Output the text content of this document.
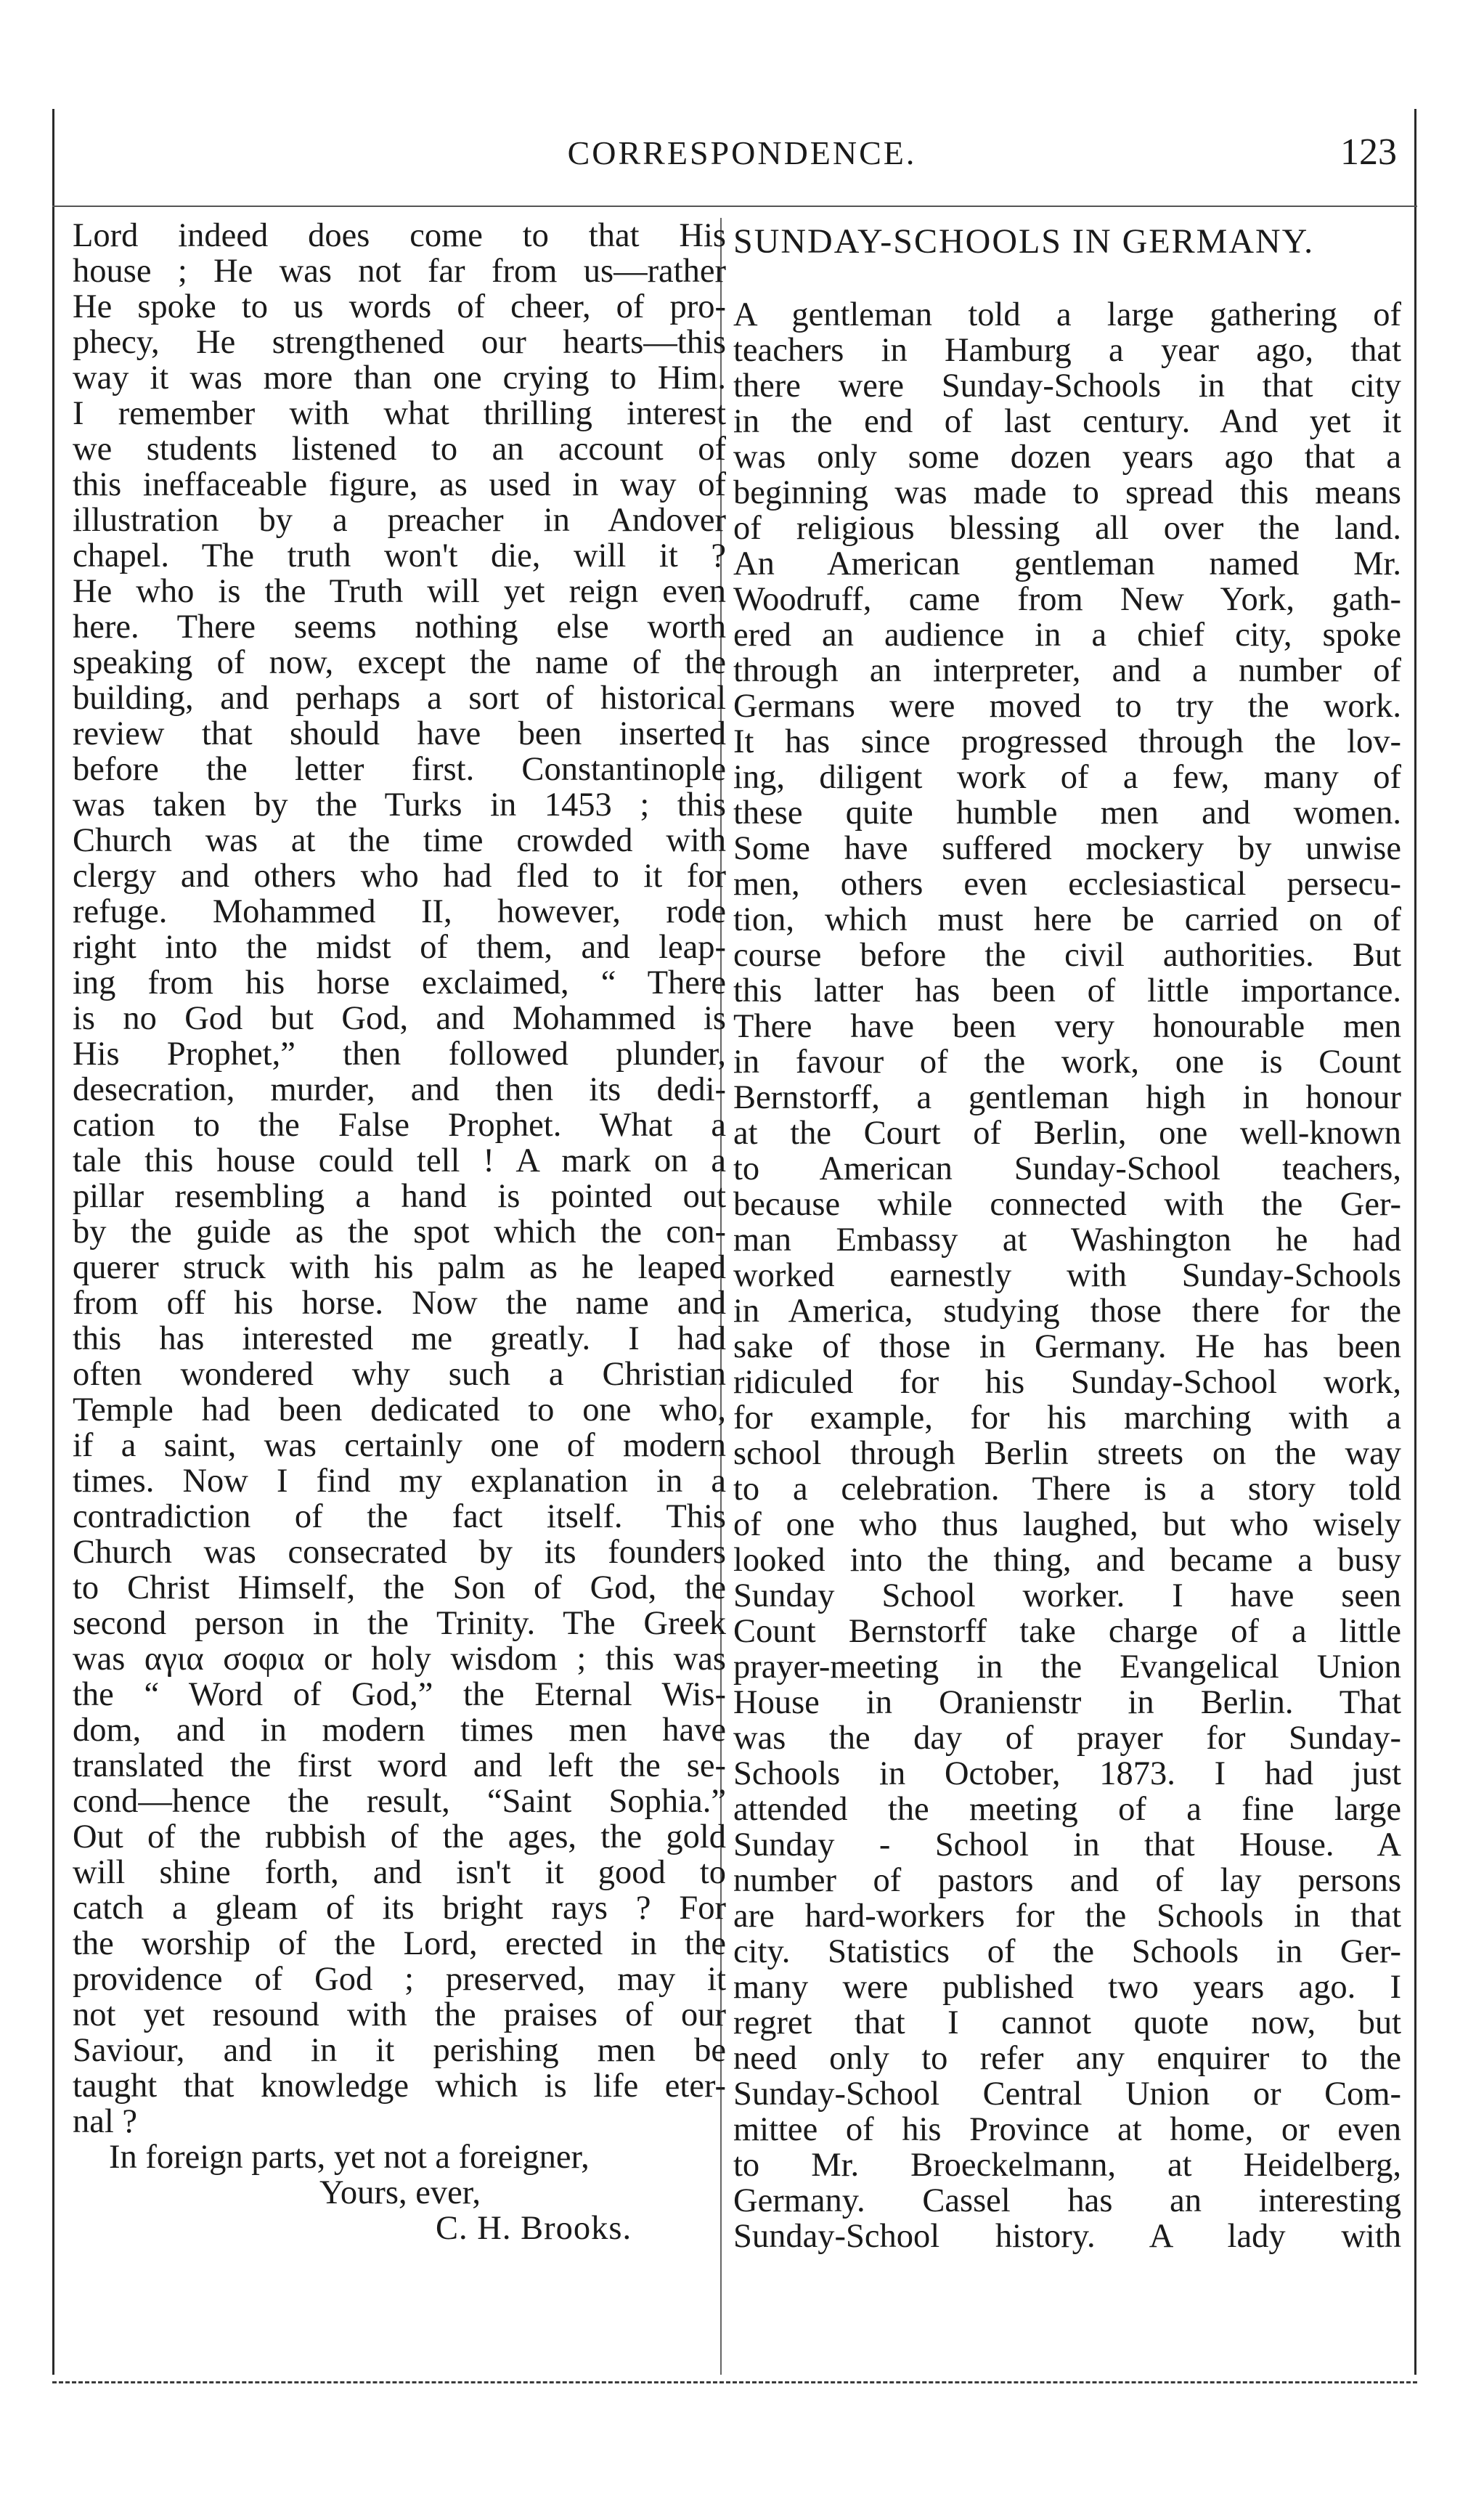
CORRESPONDENCE.	123
Lord indeed does come to that His
house ; He was not far from us—rather
He spoke to us words of cheer, of pro-
phecy, He strengthened our hearts—this
way it was more than one crying to Him.
I remember with what thrilling interest
we students listened to an account of
this ineffaceable figure, as used in way of
illustration by a preacher in Andover
chapel. The truth won't die, will it ?
He who is the Truth will yet reign even
here. There seems nothing else worth
speaking of now, except the name of the
building, and perhaps a sort of historical
review that should have been inserted
before the letter first. Constantinople
was taken by the Turks in 1453 ; this
Church was at the time crowded with
clergy and others who had fled to it for
refuge. Mohammed II, however, rode
right into the midst of them, and leap-
ing from his horse exclaimed, “ There
is no God but God, and Mohammed is
His Prophet,” then followed plunder,
desecration, murder, and then its dedi-
cation to the False Prophet. What a
tale this house could tell ! A mark on a
pillar resembling a hand is pointed out
by the guide as the spot which the con-
querer struck with his palm as he leaped
from off his horse. Now the name and
this has interested me greatly. I had
often wondered why such a Christian
Temple had been dedicated to one who,
if a saint, was certainly one of modern
times. Now I find my explanation in a
contradiction of the fact itself. This
Church was consecrated by its founders
to Christ Himself, the Son of God, the
second person in the Trinity. The Greek
was αγια σοφια or holy wisdom ; this was
the “ Word of God,” the Eternal Wis-
dom, and in modern times men have
translated the first word and left the se-
cond—hence the result, “Saint Sophia.”
Out of the rubbish of the ages, the gold
will shine forth, and isn't it good to
catch a gleam of its bright rays ? For
the worship of the Lord, erected in the
providence of God ; preserved, may it
not yet resound with the praises of our
Saviour, and in it perishing men be
taught that knowledge which is life eter-
nal ?
In foreign parts, yet not a foreigner,
Yours, ever,
C. H. Brooks.
SUNDAY-SCHOOLS IN GERMANY.
A gentleman told a large gathering of
teachers in Hamburg a year ago, that
there were Sunday-Schools in that city
in the end of last century. And yet it
was only some dozen years ago that a
beginning was made to spread this means
of religious blessing all over the land.
An American gentleman named Mr.
Woodruff, came from New York, gath-
ered an audience in a chief city, spoke
through an interpreter, and a number of
Germans were moved to try the work.
It has since progressed through the lov-
ing, diligent work of a few, many of
these quite humble men and women.
Some have suffered mockery by unwise
men, others even ecclesiastical persecu-
tion, which must here be carried on of
course before the civil authorities. But
this latter has been of little importance.
There have been very honourable men
in favour of the work, one is Count
Bernstorff, a gentleman high in honour
at the Court of Berlin, one well-known
to American Sunday-School teachers,
because while connected with the Ger-
man Embassy at Washington he had
worked earnestly with Sunday-Schools
in America, studying those there for the
sake of those in Germany. He has been
ridiculed for his Sunday-School work,
for example, for his marching with a
school through Berlin streets on the way
to a celebration. There is a story told
of one who thus laughed, but who wisely
looked into the thing, and became a busy
Sunday School worker. I have seen
Count Bernstorff take charge of a little
prayer-meeting in the Evangelical Union
House in Oranienstr in Berlin. That
was the day of prayer for Sunday-
Schools in October, 1873. I had just
attended the meeting of a fine large
Sunday - School in that House. A
number of pastors and of lay persons
are hard-workers for the Schools in that
city. Statistics of the Schools in Ger-
many were published two years ago. I
regret that I cannot quote now, but
need only to refer any enquirer to the
Sunday-School Central Union or Com-
mittee of his Province at home, or even
to Mr. Broeckelmann, at Heidelberg,
Germany. Cassel has an interesting
Sunday-School history. A lady with
